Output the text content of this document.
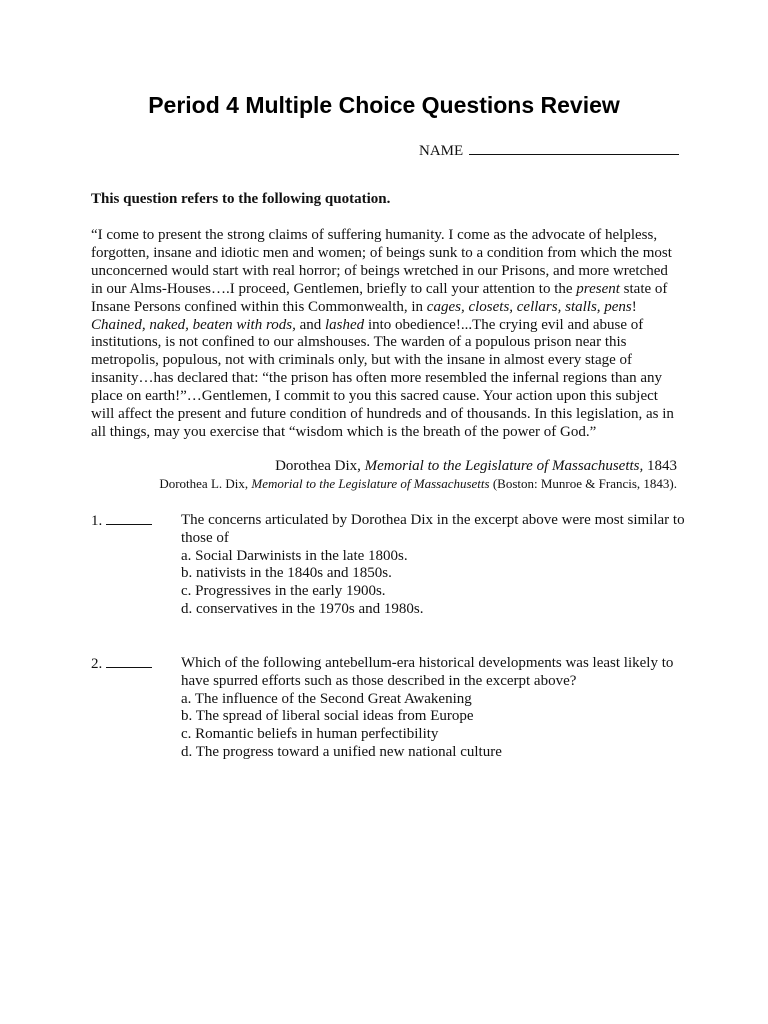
Period 4 Multiple Choice Questions Review
NAME
This question refers to the following quotation.

“I come to present the strong claims of suffering humanity. I come as the advocate of helpless, forgotten, insane and idiotic men and women; of beings sunk to a condition from which the most unconcerned would start with real horror; of beings wretched in our Prisons, and more wretched in our Alms-Houses….I proceed, Gentlemen, briefly to call your attention to the present state of Insane Persons confined within this Commonwealth, in cages, closets, cellars, stalls, pens! Chained, naked, beaten with rods, and lashed into obedience!...The crying evil and abuse of institutions, is not confined to our almshouses. The warden of a populous prison near this metropolis, populous, not with criminals only, but with the insane in almost every stage of insanity…has declared that: “the prison has often more resembled the infernal regions than any place on earth!”…Gentlemen, I commit to you this sacred cause. Your action upon this subject will affect the present and future condition of hundreds and of thousands. In this legislation, as in all things, may you exercise that “wisdom which is the breath of the power of God.”

Dorothea Dix, Memorial to the Legislature of Massachusetts, 1843
Dorothea L. Dix, Memorial to the Legislature of Massachusetts (Boston: Munroe & Francis, 1843).
1.	The concerns articulated by Dorothea Dix in the excerpt above were most similar to those of
a. Social Darwinists in the late 1800s.
b. nativists in the 1840s and 1850s.
c. Progressives in the early 1900s.
d. conservatives in the 1970s and 1980s.
2.	Which of the following antebellum-era historical developments was least likely to have spurred efforts such as those described in the excerpt above?
a. The influence of the Second Great Awakening
b. The spread of liberal social ideas from Europe
c. Romantic beliefs in human perfectibility
d. The progress toward a unified new national culture
